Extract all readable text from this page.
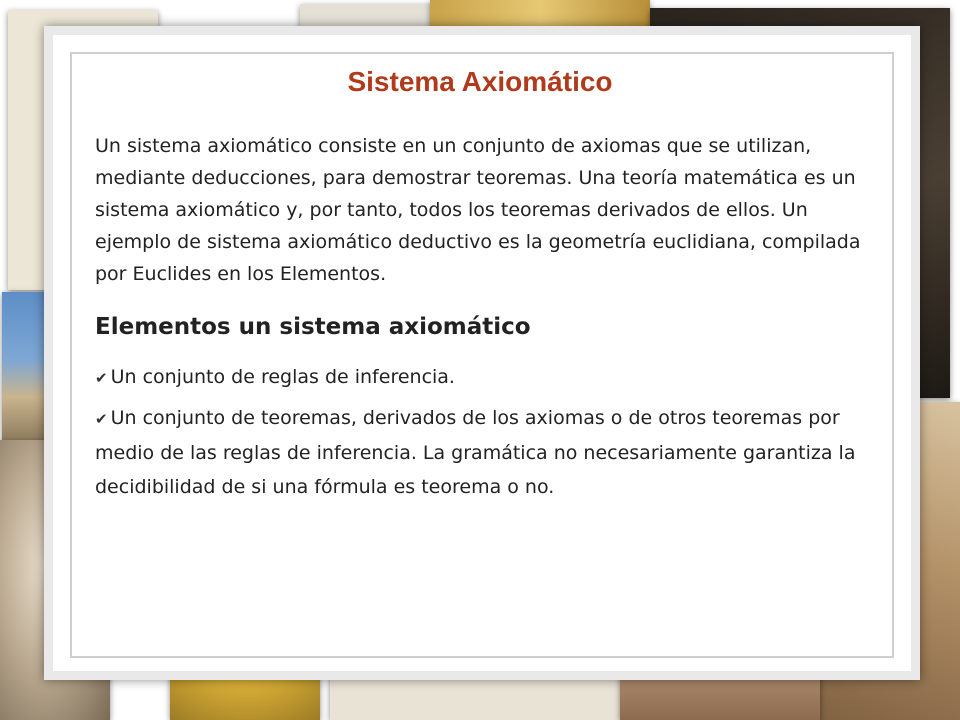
Sistema Axiomático

Un sistema axiomático consiste en un conjunto de axiomas que se utilizan, mediante deducciones, para demostrar teoremas. Una teoría matemática es un sistema axiomático y, por tanto, todos los teoremas derivados de ellos. Un ejemplo de sistema axiomático deductivo es la geometría euclidiana, compilada por Euclides en los Elementos.

Elementos un sistema axiomático
✔ Un conjunto de reglas de inferencia.
✔ Un conjunto de teoremas, derivados de los axiomas o de otros teoremas por medio de las reglas de inferencia. La gramática no necesariamente garantiza la decidibilidad de si una fórmula es teorema o no.
